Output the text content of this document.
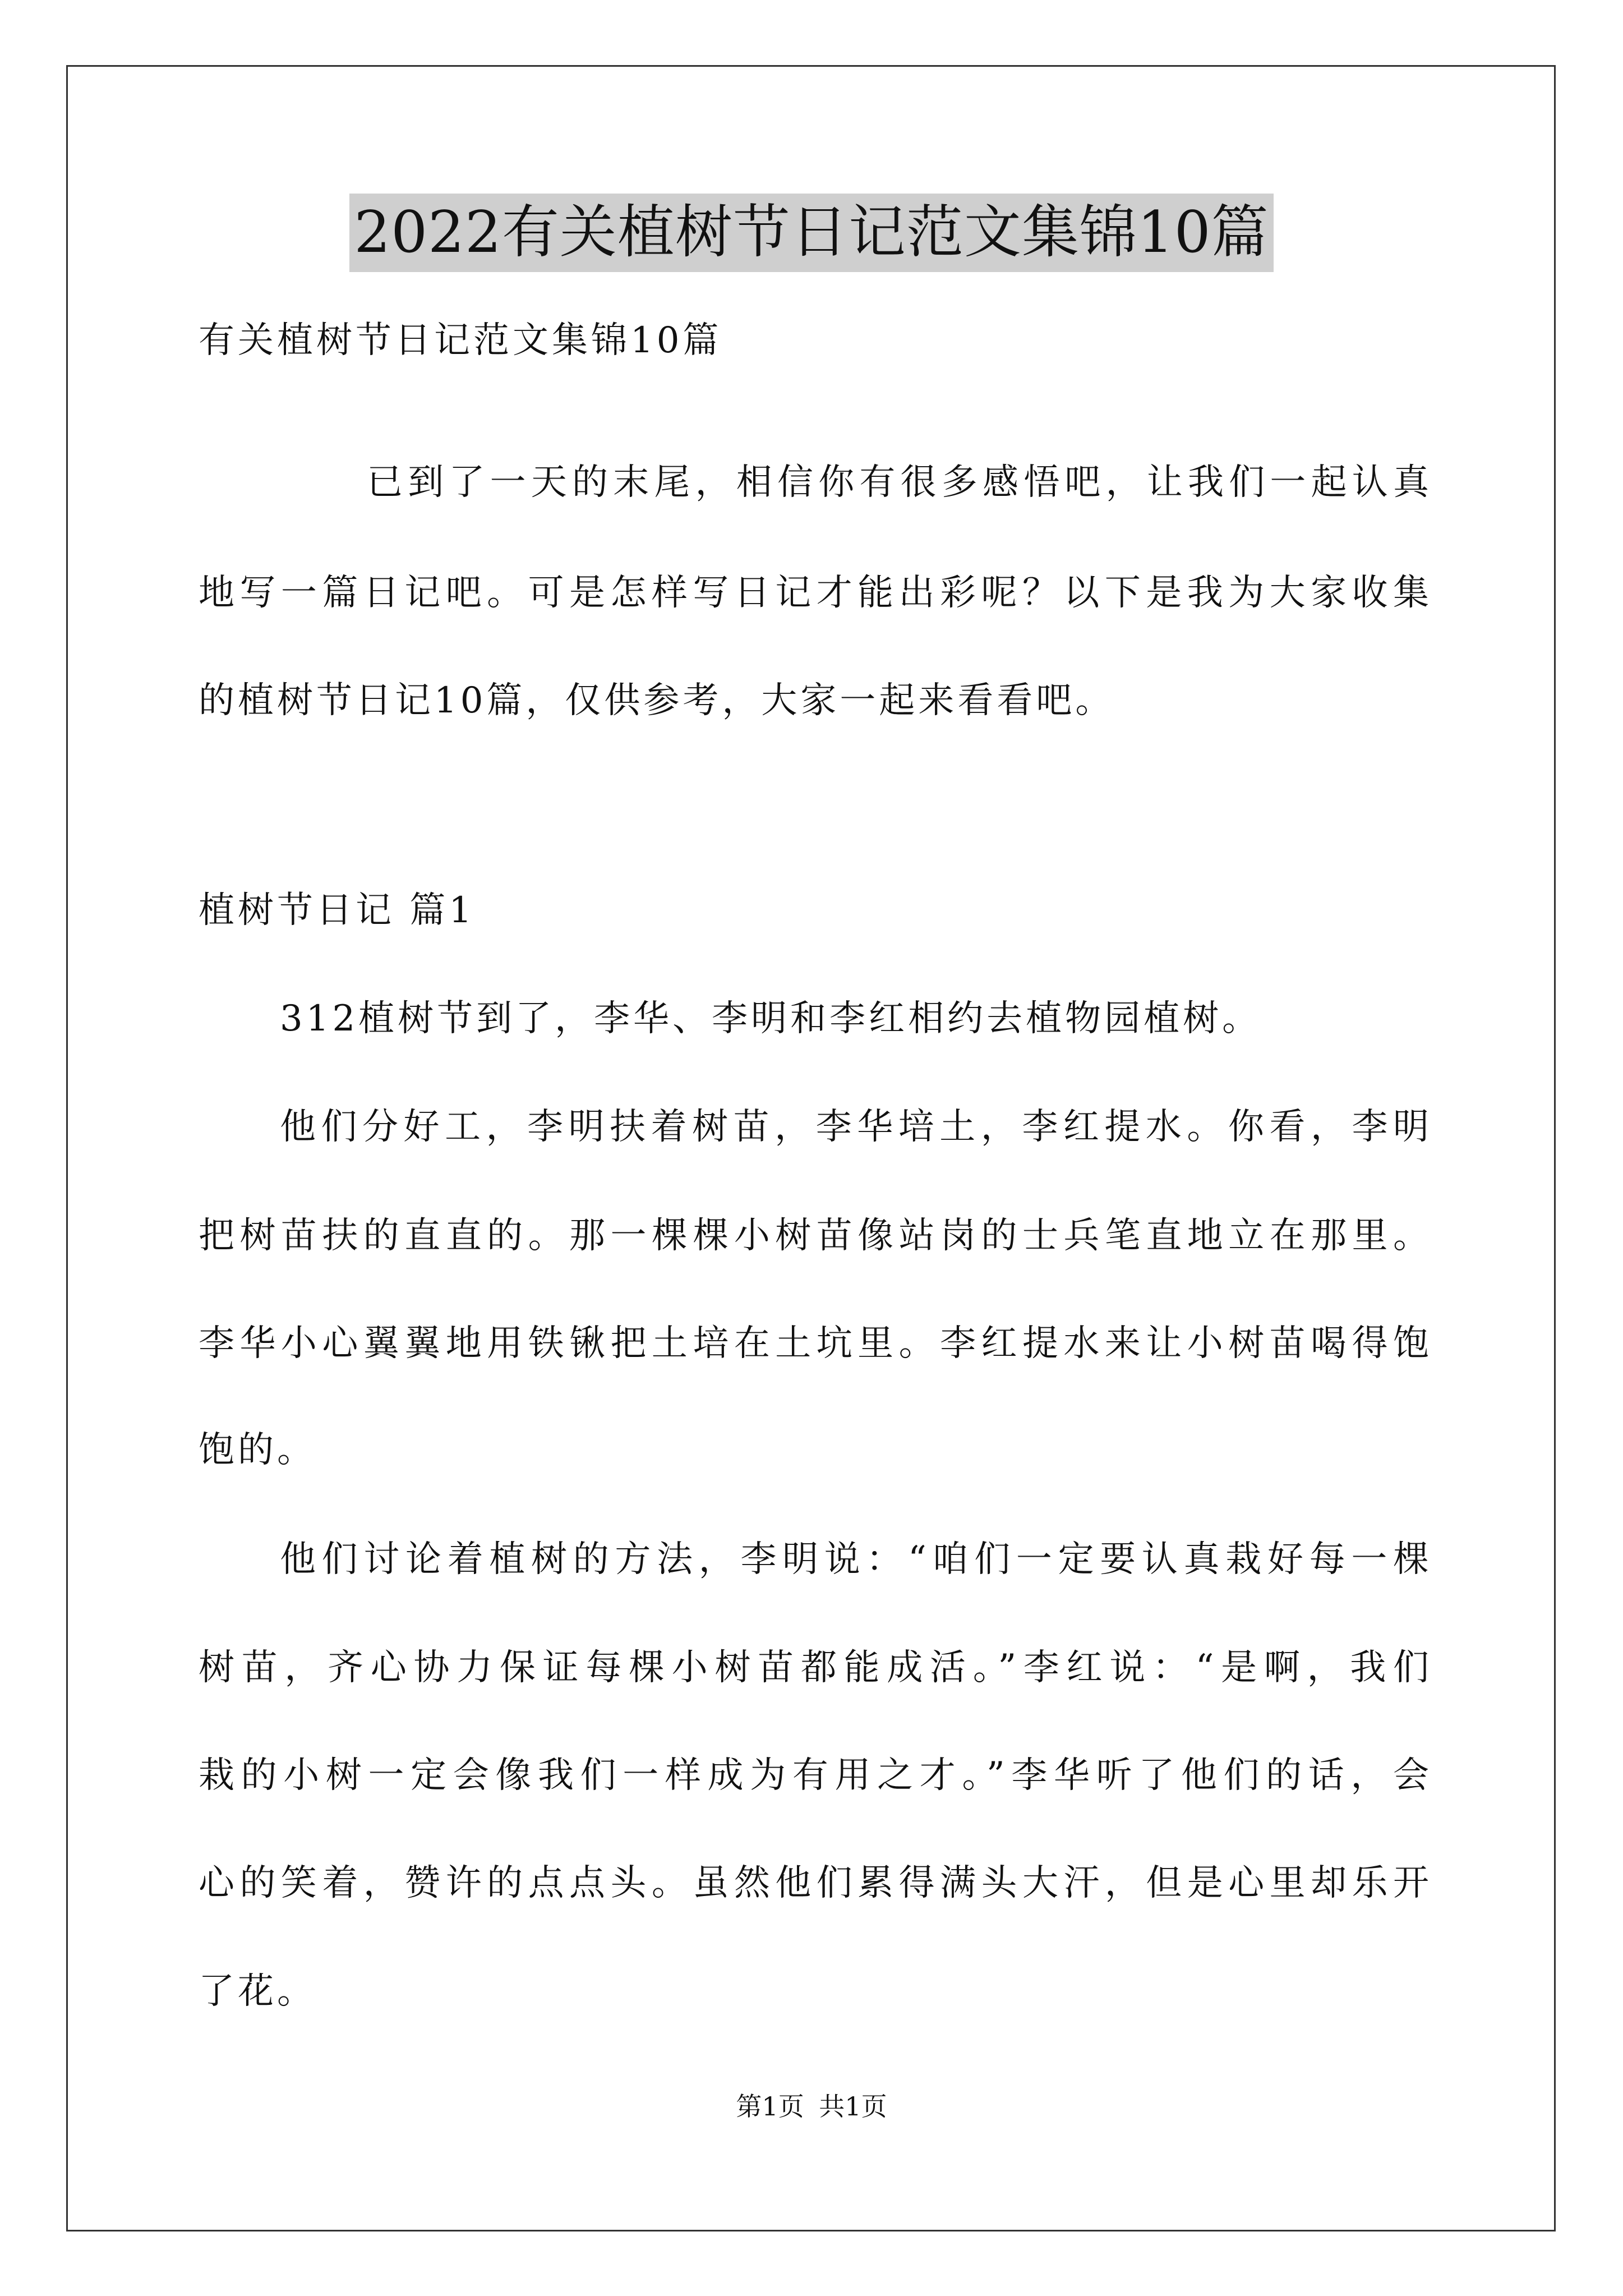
2022有关植树节日记范文集锦10篇
有关植树节日记范文集锦10篇
已到了一天的末尾，相信你有很多感悟吧，让我们一起认真
地写一篇日记吧。可是怎样写日记才能出彩呢？以下是我为大家收集
的植树节日记10篇，仅供参考，大家一起来看看吧。
植树节日记 篇1
312植树节到了，李华、李明和李红相约去植物园植树。
他们分好工，李明扶着树苗，李华培土，李红提水。你看，李明
把树苗扶的直直的。那一棵棵小树苗像站岗的士兵笔直地立在那里。
李华小心翼翼地用铁锹把土培在土坑里。李红提水来让小树苗喝得饱
饱的。
他们讨论着植树的方法，李明说：“咱们一定要认真栽好每一棵
树苗，齐心协力保证每棵小树苗都能成活。”李红说：“是啊，我们
栽的小树一定会像我们一样成为有用之才。”李华听了他们的话，会
心的笑着，赞许的点点头。虽然他们累得满头大汗，但是心里却乐开
了花。
第1页 共1页
